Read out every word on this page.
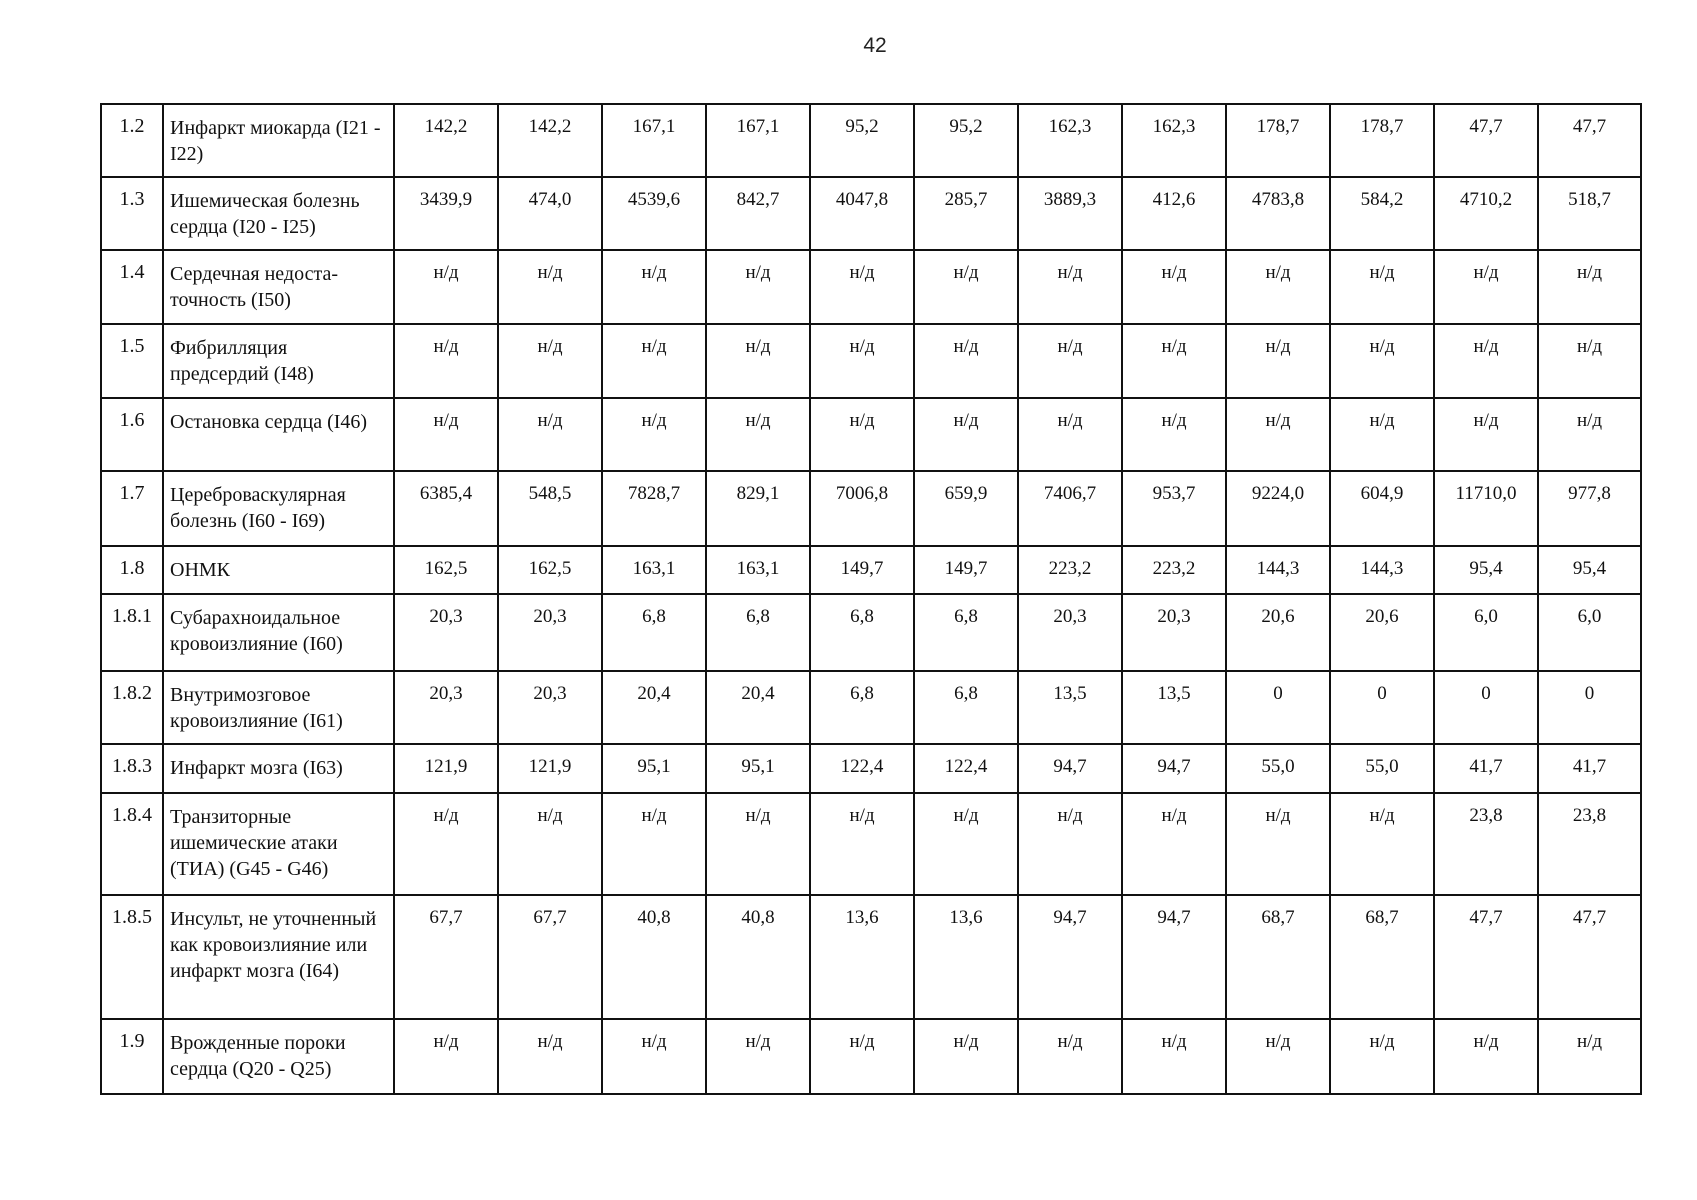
42
1.2	Инфаркт миокарда (I21 - I22)	142,2	142,2	167,1	167,1	95,2	95,2	162,3	162,3	178,7	178,7	47,7	47,7
1.3	Ишемическая болезнь сердца (I20 - I25)	3439,9	474,0	4539,6	842,7	4047,8	285,7	3889,3	412,6	4783,8	584,2	4710,2	518,7
1.4	Сердечная недоста-точность (I50)	н/д	н/д	н/д	н/д	н/д	н/д	н/д	н/д	н/д	н/д	н/д	н/д
1.5	Фибрилляция предсердий (I48)	н/д	н/д	н/д	н/д	н/д	н/д	н/д	н/д	н/д	н/д	н/д	н/д
1.6	Остановка сердца (I46)	н/д	н/д	н/д	н/д	н/д	н/д	н/д	н/д	н/д	н/д	н/д	н/д
1.7	Цереброваскулярная болезнь (I60 - I69)	6385,4	548,5	7828,7	829,1	7006,8	659,9	7406,7	953,7	9224,0	604,9	11710,0	977,8
1.8	ОНМК	162,5	162,5	163,1	163,1	149,7	149,7	223,2	223,2	144,3	144,3	95,4	95,4
1.8.1	Субарахноидальное кровоизлияние (I60)	20,3	20,3	6,8	6,8	6,8	6,8	20,3	20,3	20,6	20,6	6,0	6,0
1.8.2	Внутримозговое кровоизлияние (I61)	20,3	20,3	20,4	20,4	6,8	6,8	13,5	13,5	0	0	0	0
1.8.3	Инфаркт мозга (I63)	121,9	121,9	95,1	95,1	122,4	122,4	94,7	94,7	55,0	55,0	41,7	41,7
1.8.4	Транзиторные ишемические атаки (ТИА) (G45 - G46)	н/д	н/д	н/д	н/д	н/д	н/д	н/д	н/д	н/д	н/д	23,8	23,8
1.8.5	Инсульт, не уточненный как кровоизлияние или инфаркт мозга (I64)	67,7	67,7	40,8	40,8	13,6	13,6	94,7	94,7	68,7	68,7	47,7	47,7
1.9	Врожденные пороки сердца (Q20 - Q25)	н/д	н/д	н/д	н/д	н/д	н/д	н/д	н/д	н/д	н/д	н/д	н/д
